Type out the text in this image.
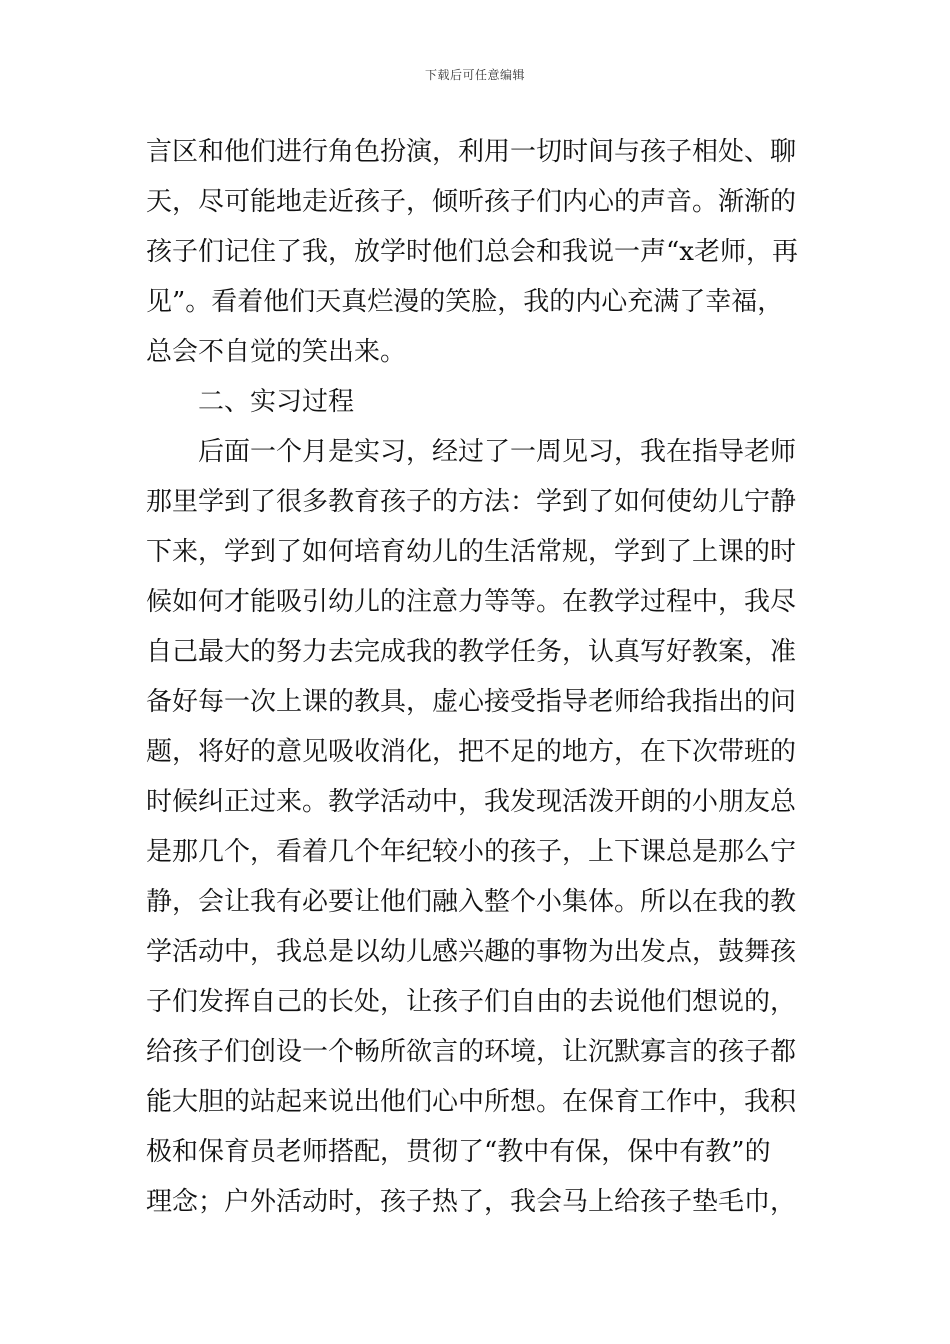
下载后可任意编辑
言区和他们进行角色扮演，利用一切时间与孩子相处、聊
天，尽可能地走近孩子，倾听孩子们内心的声音。渐渐的
孩子们记住了我，放学时他们总会和我说一声“x老师，再
见”。看着他们天真烂漫的笑脸，我的内心充满了幸福，
总会不自觉的笑出来。
二、实习过程
后面一个月是实习，经过了一周见习，我在指导老师
那里学到了很多教育孩子的方法：学到了如何使幼儿宁静
下来，学到了如何培育幼儿的生活常规，学到了上课的时
候如何才能吸引幼儿的注意力等等。在教学过程中，我尽
自己最大的努力去完成我的教学任务，认真写好教案，准
备好每一次上课的教具，虚心接受指导老师给我指出的问
题，将好的意见吸收消化，把不足的地方，在下次带班的
时候纠正过来。教学活动中，我发现活泼开朗的小朋友总
是那几个，看着几个年纪较小的孩子，上下课总是那么宁
静，会让我有必要让他们融入整个小集体。所以在我的教
学活动中，我总是以幼儿感兴趣的事物为出发点，鼓舞孩
子们发挥自己的长处，让孩子们自由的去说他们想说的，
给孩子们创设一个畅所欲言的环境，让沉默寡言的孩子都
能大胆的站起来说出他们心中所想。在保育工作中，我积
极和保育员老师搭配，贯彻了“教中有保，保中有教”的
理念；户外活动时，孩子热了，我会马上给孩子垫毛巾，
